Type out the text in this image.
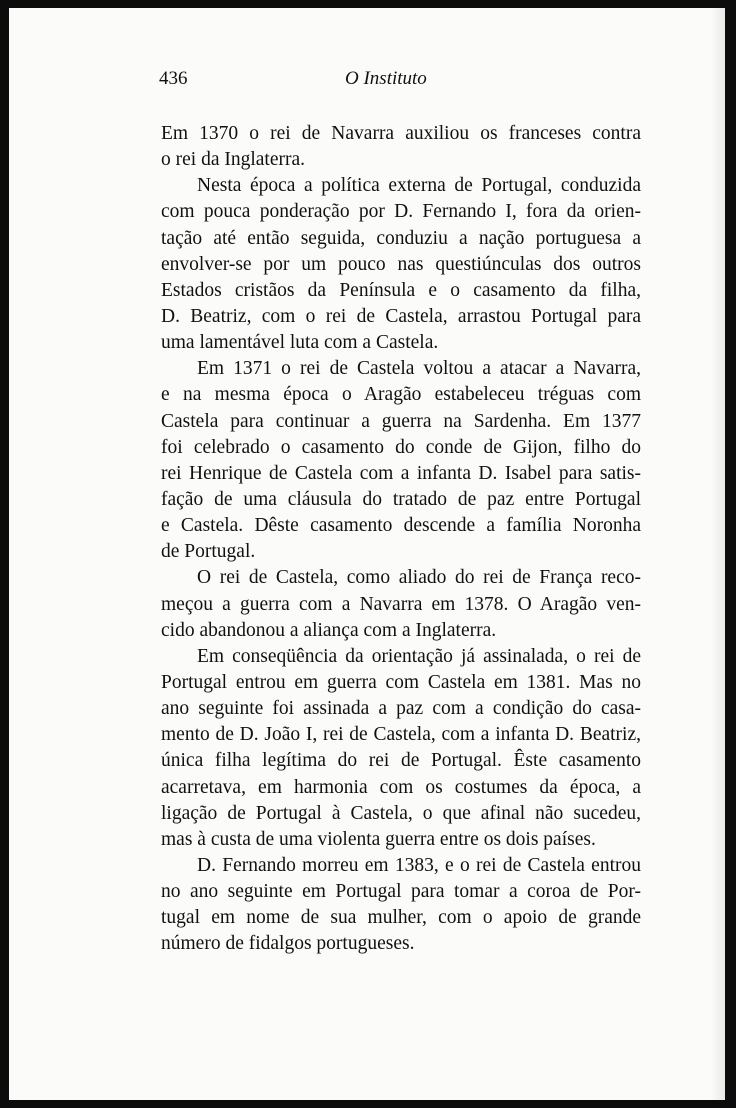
436	O Instituto
Em 1370 o rei de Navarra auxiliou os franceses contra
o rei da Inglaterra.
Nesta época a política externa de Portugal, conduzida
com pouca ponderação por D. Fernando I, fora da orien-
tação até então seguida, conduziu a nação portuguesa a
envolver-se por um pouco nas questiúnculas dos outros
Estados cristãos da Península e o casamento da filha,
D. Beatriz, com o rei de Castela, arrastou Portugal para
uma lamentável luta com a Castela.
Em 1371 o rei de Castela voltou a atacar a Navarra,
e na mesma época o Aragão estabeleceu tréguas com
Castela para continuar a guerra na Sardenha. Em 1377
foi celebrado o casamento do conde de Gijon, filho do
rei Henrique de Castela com a infanta D. Isabel para satis-
fação de uma cláusula do tratado de paz entre Portugal
e Castela. Dêste casamento descende a família Noronha
de Portugal.
O rei de Castela, como aliado do rei de França reco-
meçou a guerra com a Navarra em 1378. O Aragão ven-
cido abandonou a aliança com a Inglaterra.
Em conseqüência da orientação já assinalada, o rei de
Portugal entrou em guerra com Castela em 1381. Mas no
ano seguinte foi assinada a paz com a condição do casa-
mento de D. João I, rei de Castela, com a infanta D. Beatriz,
única filha legítima do rei de Portugal. Êste casamento
acarretava, em harmonia com os costumes da época, a
ligação de Portugal à Castela, o que afinal não sucedeu,
mas à custa de uma violenta guerra entre os dois países.
D. Fernando morreu em 1383, e o rei de Castela entrou
no ano seguinte em Portugal para tomar a coroa de Por-
tugal em nome de sua mulher, com o apoio de grande
número de fidalgos portugueses.
